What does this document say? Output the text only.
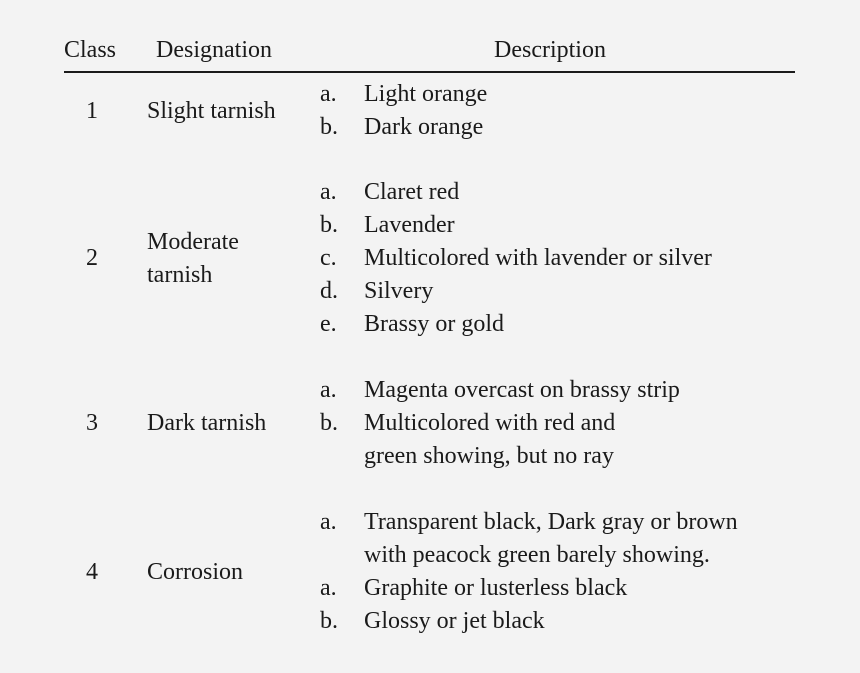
Class Designation	Description
1 Slight tarnish
a. Light orange
b. Dark orange
2
Moderate
tarnish
a. Claret red
b. Lavender
c. Multicolored with lavender or silver
d. Silvery
e. Brassy or gold
3 Dark tarnish
a. Magenta overcast on brassy strip
b. Multicolored with red and
green showing, but no ray
4 Corrosion
a. Transparent black, Dark gray or brown
with peacock green barely showing.
a. Graphite or lusterless black
b. Glossy or jet black
